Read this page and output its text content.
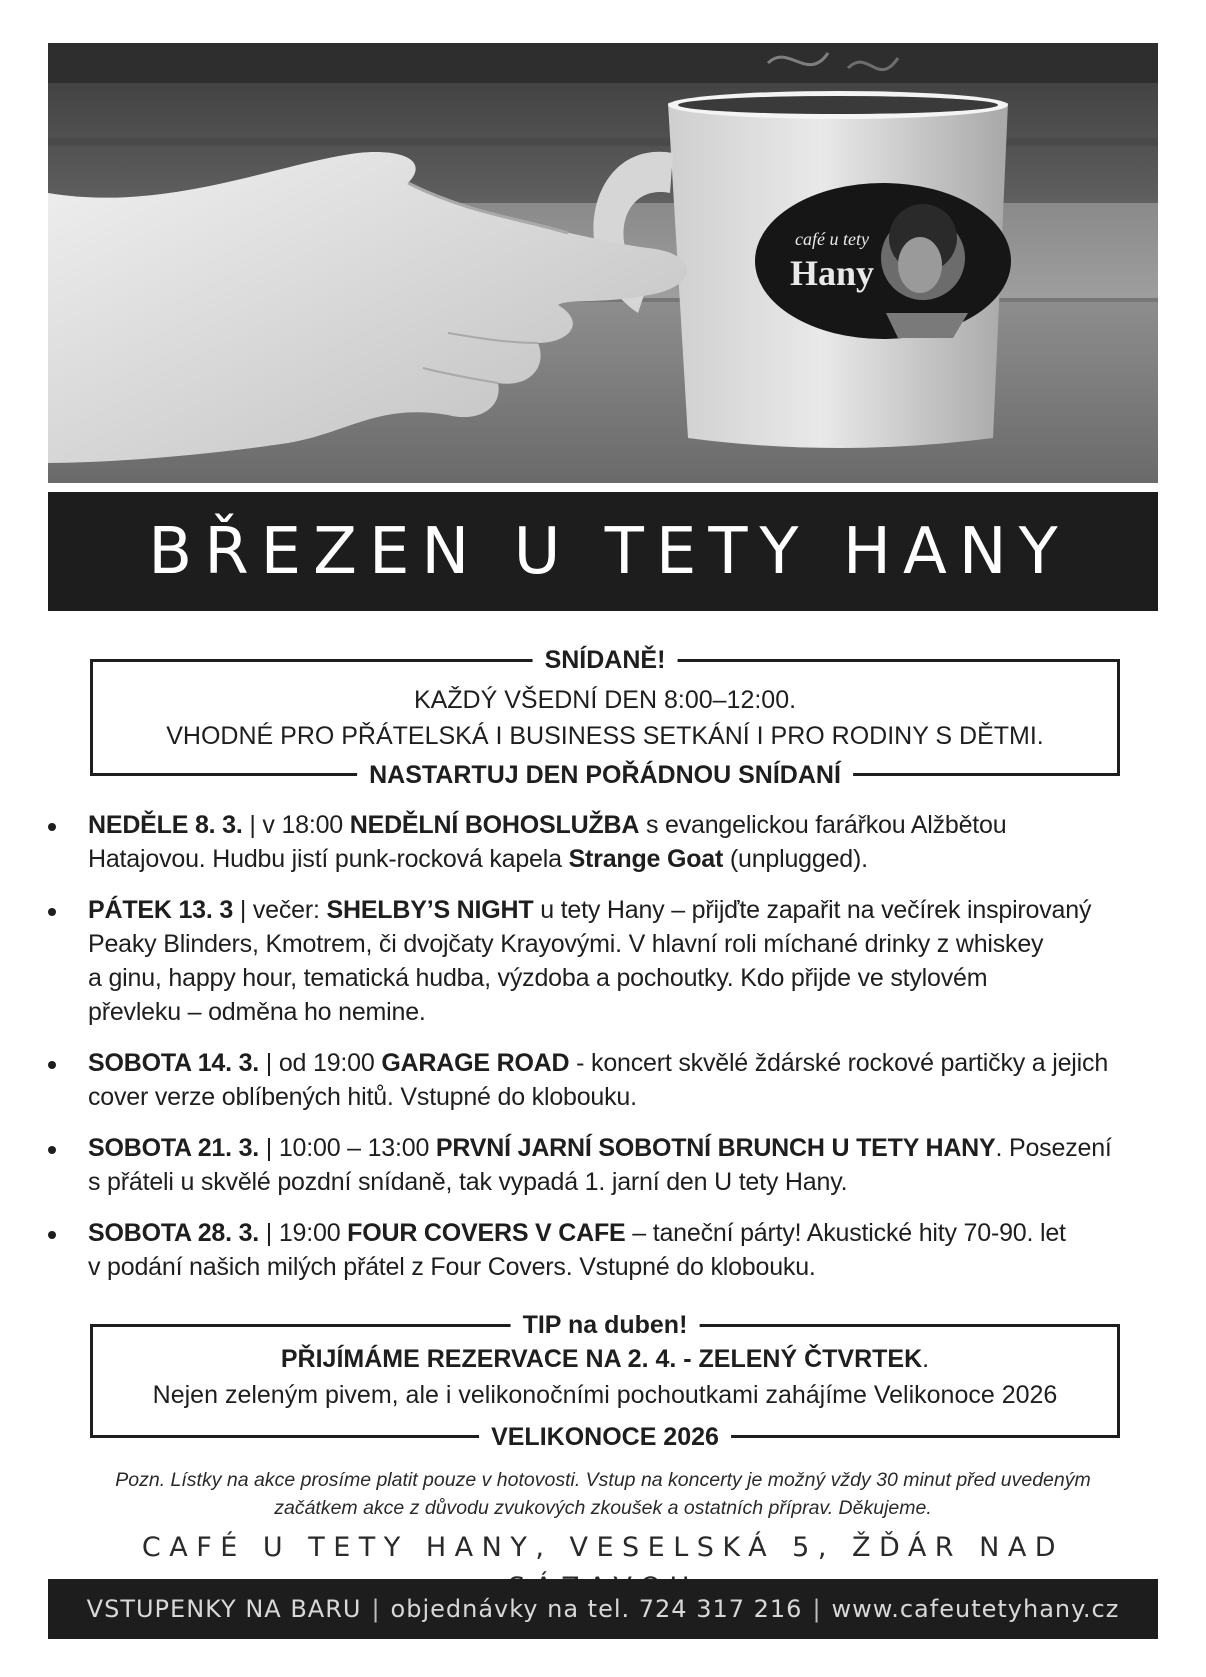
café u tety
Hany
BŘEZEN U TETY HANY
SNÍDANĚ!
KAŽDÝ VŠEDNÍ DEN 8:00–12:00.
VHODNÉ PRO PŘÁTELSKÁ I BUSINESS SETKÁNÍ I PRO RODINY S DĚTMI.
NASTARTUJ DEN POŘÁDNOU SNÍDANÍ
NEDĚLE 8. 3. | v 18:00 NEDĚLNÍ BOHOSLUŽBA s evangelickou farářkou Alžbětou
Hatajovou. Hudbu jistí punk-rocková kapela Strange Goat (unplugged).
PÁTEK 13. 3 | večer: SHELBY’S NIGHT u tety Hany – přijďte zapařit na večírek inspirovaný
Peaky Blinders, Kmotrem, či dvojčaty Krayovými. V hlavní roli míchané drinky z whiskey
a ginu, happy hour, tematická hudba, výzdoba a pochoutky. Kdo přijde ve stylovém
převleku – odměna ho nemine.
SOBOTA 14. 3. | od 19:00 GARAGE ROAD - koncert skvělé ždárské rockové partičky a jejich
cover verze oblíbených hitů. Vstupné do klobouku.
SOBOTA 21. 3. | 10:00 – 13:00 PRVNÍ JARNÍ SOBOTNÍ BRUNCH U TETY HANY. Posezení
s přáteli u skvělé pozdní snídaně, tak vypadá 1. jarní den U tety Hany.
SOBOTA 28. 3. | 19:00 FOUR COVERS V CAFE – taneční párty! Akustické hity 70-90. let
v podání našich milých přátel z Four Covers. Vstupné do klobouku.
TIP na duben!
PŘIJÍMÁME REZERVACE NA 2. 4. - ZELENÝ ČTVRTEK.
Nejen zeleným pivem, ale i velikonočními pochoutkami zahájíme Velikonoce 2026
VELIKONOCE 2026
Pozn. Lístky na akce prosíme platit pouze v hotovosti. Vstup na koncerty je možný vždy 30 minut před uvedeným
začátkem akce z důvodu zvukových zkoušek a ostatních příprav. Děkujeme.
CAFÉ U TETY HANY, VESELSKÁ 5, ŽĎÁR NAD
VSTUPENKY NA BARU | objednávky na tel. 724 317 216 | www.cafeutetyhany.cz
